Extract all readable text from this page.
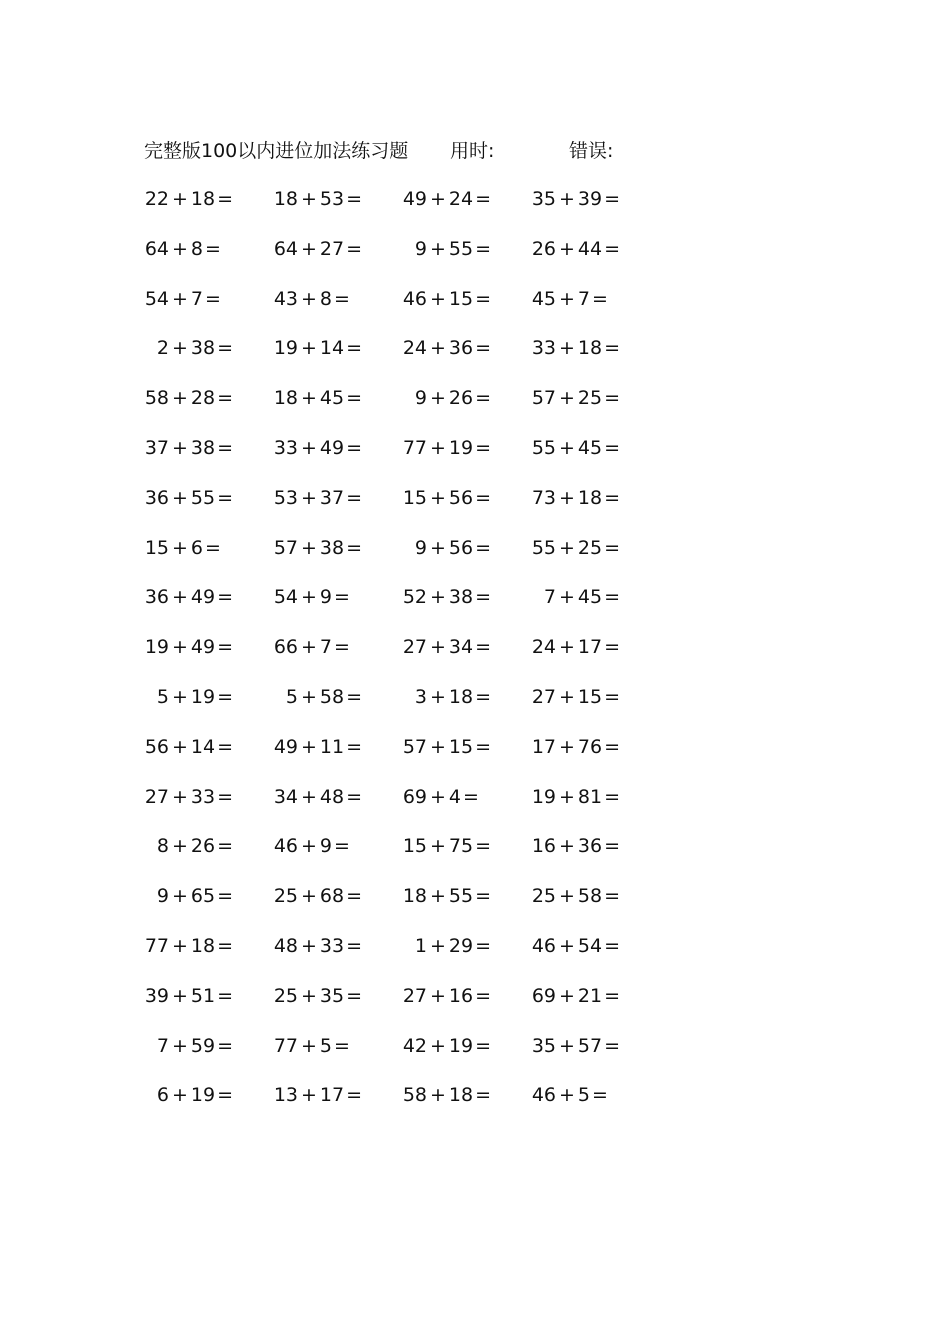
完整版100以内进位加法练习题 用时:	错误:
22 + 18 =	18 + 53 =	49 + 24 =	35 + 39 =
64 + 8 =	64 + 27 =	9 + 55 =	26 + 44 =
54 + 7 =	43 + 8 =	46 + 15 =	45 + 7 =
2 + 38 =	19 + 14 =	24 + 36 =	33 + 18 =
58 + 28 =	18 + 45 =	9 + 26 =	57 + 25 =
37 + 38 =	33 + 49 =	77 + 19 =	55 + 45 =
36 + 55 =	53 + 37 =	15 + 56 =	73 + 18 =
15 + 6 =	57 + 38 =	9 + 56 =	55 + 25 =
36 + 49 =	54 + 9 =	52 + 38 =	7 + 45 =
19 + 49 =	66 + 7 =	27 + 34 =	24 + 17 =
5 + 19 =	5 + 58 =	3 + 18 =	27 + 15 =
56 + 14 =	49 + 11 =	57 + 15 =	17 + 76 =
27 + 33 =	34 + 48 =	69 + 4 =	19 + 81 =
8 + 26 =	46 + 9 =	15 + 75 =	16 + 36 =
9 + 65 =	25 + 68 =	18 + 55 =	25 + 58 =
77 + 18 =	48 + 33 =	1 + 29 =	46 + 54 =
39 + 51 =	25 + 35 =	27 + 16 =	69 + 21 =
7 + 59 =	77 + 5 =	42 + 19 =	35 + 57 =
6 + 19 =	13 + 17 =	58 + 18 =	46 + 5 =
